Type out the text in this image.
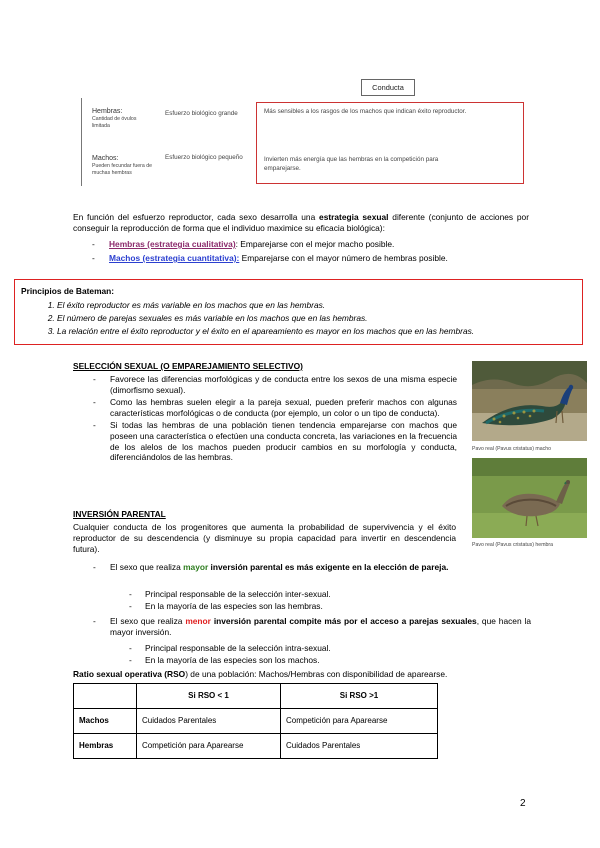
Conducta
Hembras:
Cantidad de óvulos
limitada
Esfuerzo biológico grande	Más sensibles a los rasgos de los machos que indican éxito reproductor.
Machos:
Pueden fecundar fuera de
muchas hembras
Esfuerzo biológico pequeño	Invierten más energía que las hembras en la competición para
emparejarse.
En función del esfuerzo reproductor, cada sexo desarrolla una estrategia sexual diferente (conjunto de acciones por conseguir la reproducción de forma que el individuo maximice su eficacia biológica):
- Hembras (estrategia cualitativa): Emparejarse con el mejor macho posible.
- Machos (estrategia cuantitativa): Emparejarse con el mayor número de hembras posible.
Principios de Bateman:
1. El éxito reproductor es más variable en los machos que en las hembras.
2. El número de parejas sexuales es más variable en los machos que en las hembras.
3. La relación entre el éxito reproductor y el éxito en el apareamiento es mayor en los machos que en las hembras.
SELECCIÓN SEXUAL (O EMPAREJAMIENTO SELECTIVO)
- Favorece las diferencias morfológicas y de conducta entre los sexos de una misma especie (dimorfismo sexual).
- Como las hembras suelen elegir a la pareja sexual, pueden preferir machos con algunas características morfológicas o de conducta (por ejemplo, un color o un tipo de conducta).
- Si todas las hembras de una población tienen tendencia emparejarse con machos que poseen una característica o efectúen una conducta concreta, las variaciones en la frecuencia de los alelos de los machos pueden producir cambios en su morfología y conducta, diferenciándolos de las hembras.
Pavo real (Pavus cristatus) macho
Pavo real (Pavus cristatus) hembra
INVERSIÓN PARENTAL
Cualquier conducta de los progenitores que aumenta la probabilidad de supervivencia y el éxito reproductor de su descendencia (y disminuye su propia capacidad para invertir en descendencia futura).
- El sexo que realiza mayor inversión parental es más exigente en la elección de pareja.
- Principal responsable de la selección inter-sexual.
- En la mayoría de las especies son las hembras.
- El sexo que realiza menor inversión parental compite más por el acceso a parejas sexuales, que hacen la mayor inversión.
- Principal responsable de la selección intra-sexual.
- En la mayoría de las especies son los machos.
Ratio sexual operativa (RSO) de una población: Machos/Hembras con disponibilidad de aparearse.
	Si RSO < 1	Si RSO >1
Machos	Cuidados Parentales	Competición para Aparearse
Hembras	Competición para Aparearse	Cuidados Parentales
2
